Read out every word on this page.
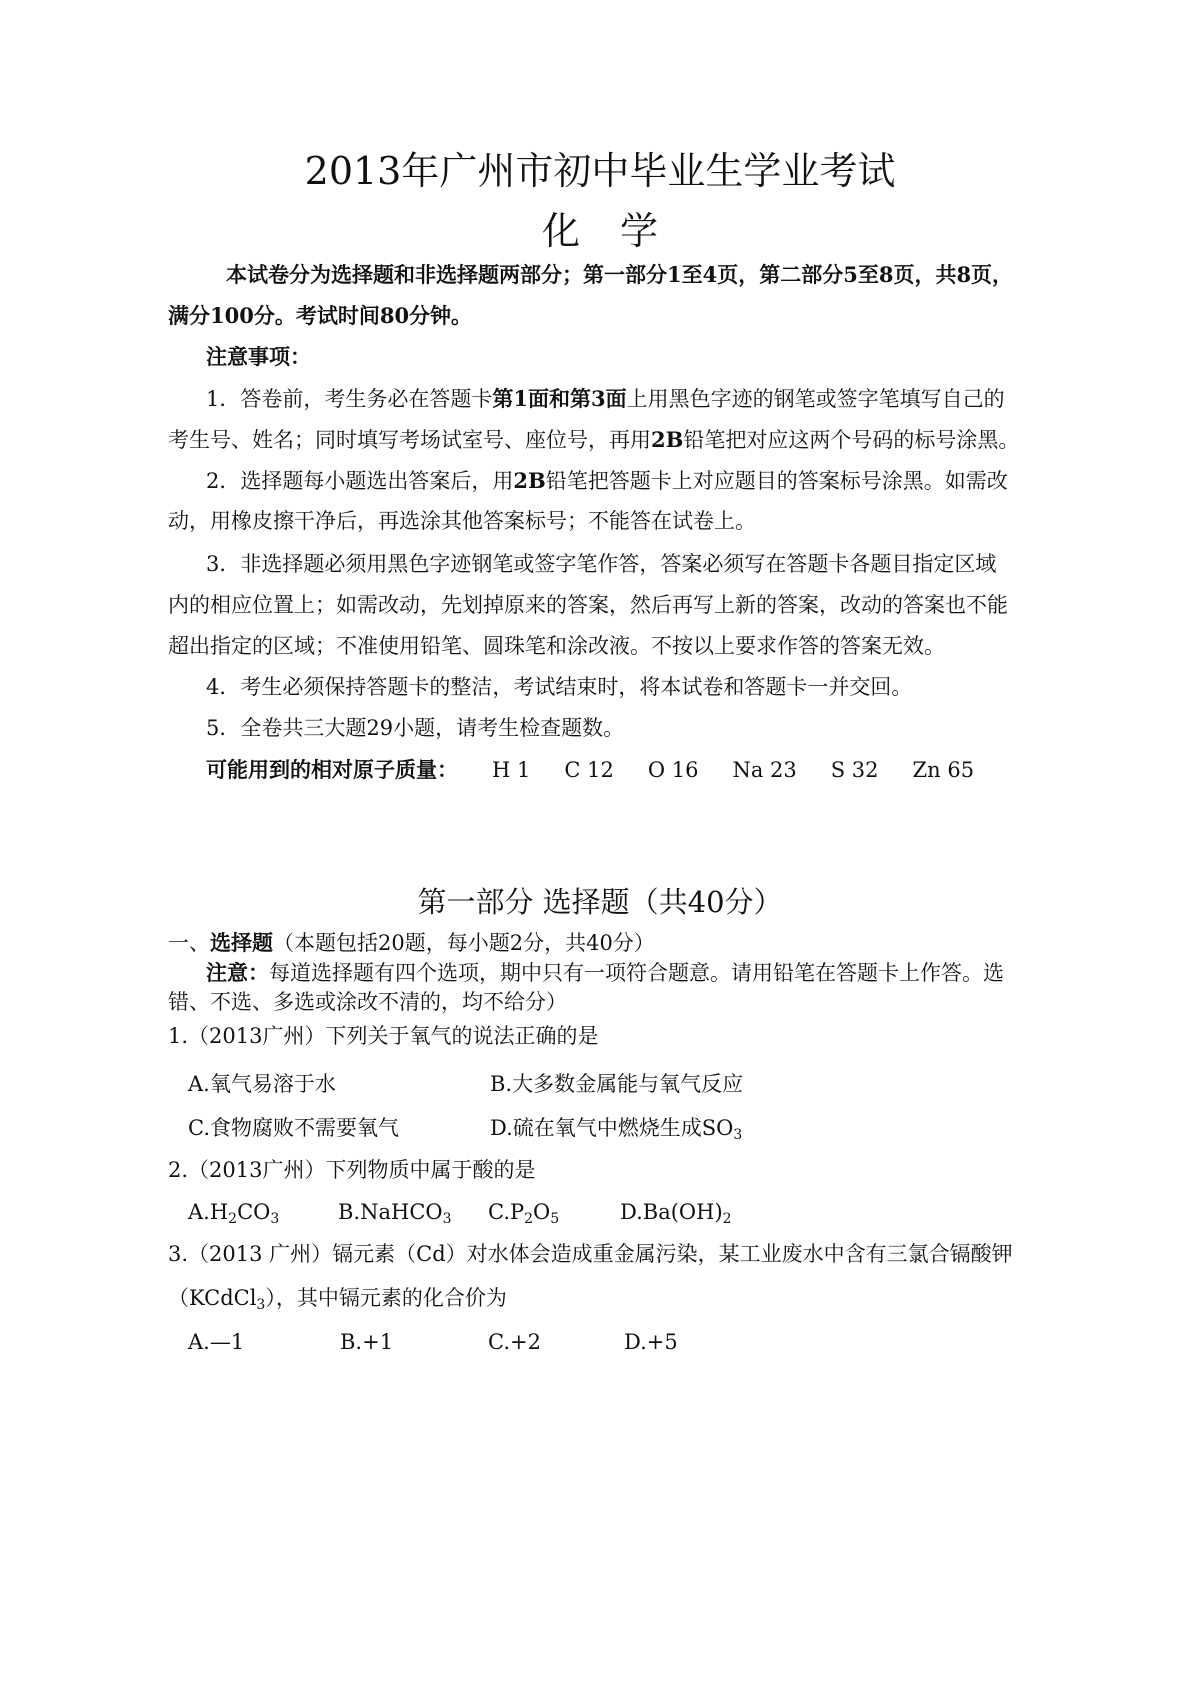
2013年广州市初中毕业生学业考试
化学
本试卷分为选择题和非选择题两部分；第一部分1至4页，第二部分5至8页，共8页，
满分100分。考试时间80分钟。
注意事项：
1．答卷前，考生务必在答题卡第1面和第3面上用黑色字迹的钢笔或签字笔填写自己的
考生号、姓名；同时填写考场试室号、座位号，再用2B铅笔把对应这两个号码的标号涂黑。
2．选择题每小题选出答案后，用2B铅笔把答题卡上对应题目的答案标号涂黑。如需改
动，用橡皮擦干净后，再选涂其他答案标号；不能答在试卷上。
3．非选择题必须用黑色字迹钢笔或签字笔作答，答案必须写在答题卡各题目指定区域
内的相应位置上；如需改动，先划掉原来的答案，然后再写上新的答案，改动的答案也不能
超出指定的区域；不准使用铅笔、圆珠笔和涂改液。不按以上要求作答的答案无效。
4．考生必须保持答题卡的整洁，考试结束时，将本试卷和答题卡一并交回。
5．全卷共三大题29小题，请考生检查题数。
可能用到的相对原子质量： H 1 C 12 O 16 Na 23 S 32 Zn 65
第一部分 选择题（共40分）
一、选择题（本题包括20题，每小题2分，共40分）
注意：每道选择题有四个选项，期中只有一项符合题意。请用铅笔在答题卡上作答。选
错、不选、多选或涂改不清的，均不给分）
1.（2013广州）下列关于氧气的说法正确的是
A.氧气易溶于水	B.大多数金属能与氧气反应
C.食物腐败不需要氧气	D.硫在氧气中燃烧生成$SO_3$
2.（2013广州）下列物质中属于酸的是
$A.H_2CO_3$	B.NaHCO$_3$ $C.P_2O_5$	$D.Ba(OH)_2$
3.（2013 广州）镉元素（Cd）对水体会造成重金属污染，某工业废水中含有三氯合镉酸钾
（KCdCl$_3$），其中镉元素的化合价为
A.—1	B.+1	C.+2	D.+5
